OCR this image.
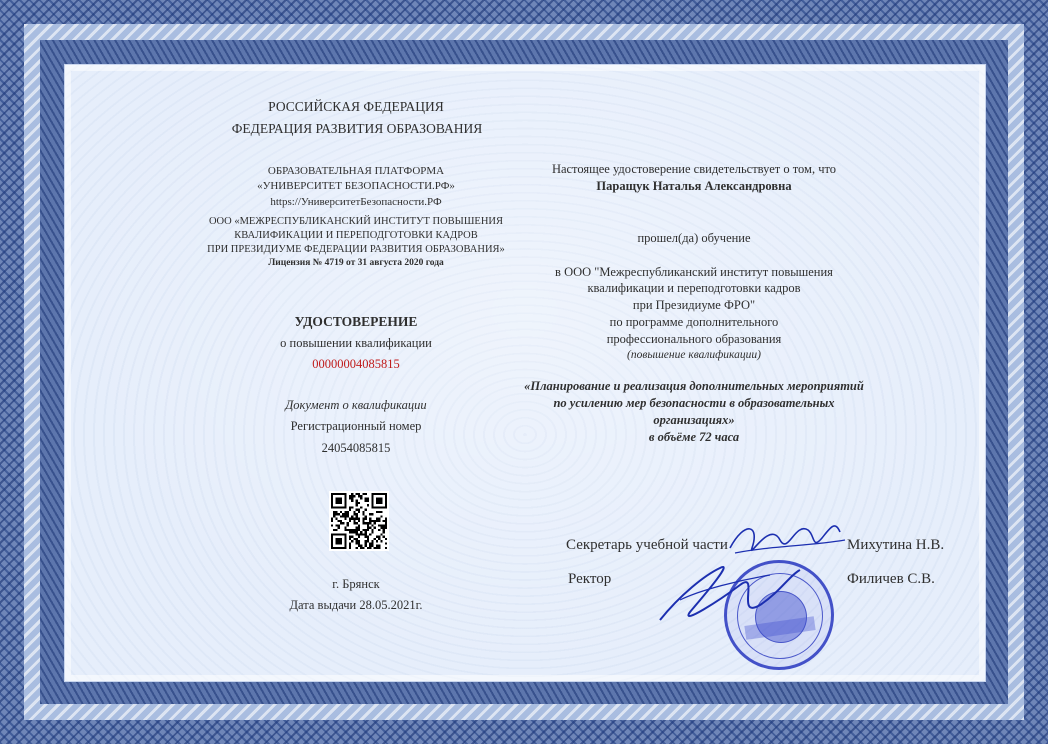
РОССИЙСКАЯ ФЕДЕРАЦИЯ
ФЕДЕРАЦИЯ РАЗВИТИЯ ОБРАЗОВАНИЯ
ОБРАЗОВАТЕЛЬНАЯ ПЛАТФОРМА
«УНИВЕРСИТЕТ БЕЗОПАСНОСТИ.РФ»
https://УниверситетБезопасности.РФ
ООО «МЕЖРЕСПУБЛИКАНСКИЙ ИНСТИТУТ ПОВЫШЕНИЯ
КВАЛИФИКАЦИИ И ПЕРЕПОДГОТОВКИ КАДРОВ
ПРИ ПРЕЗИДИУМЕ ФЕДЕРАЦИИ РАЗВИТИЯ ОБРАЗОВАНИЯ»
Лицензия № 4719 от 31 августа 2020 года
УДОСТОВЕРЕНИЕ
о повышении квалификации
00000004085815
Документ о квалификации
Регистрационный номер
24054085815
г. Брянск
Дата выдачи 28.05.2021г.
Настоящее удостоверение свидетельствует о том, что
Паращук Наталья Александровна
прошел(да) обучение
в ООО "Межреспубликанский институт повышения
квалификации и переподготовки кадров
при Президиуме ФРО"
по программе дополнительного
профессионального образования
(повышение квалификации)
«Планирование и реализация дополнительных мероприятий
по усилению мер безопасности в образовательных
организациях»
в объёме 72 часа
Секретарь учебной части	Михутина Н.В.
Ректор	Филичев С.В.
